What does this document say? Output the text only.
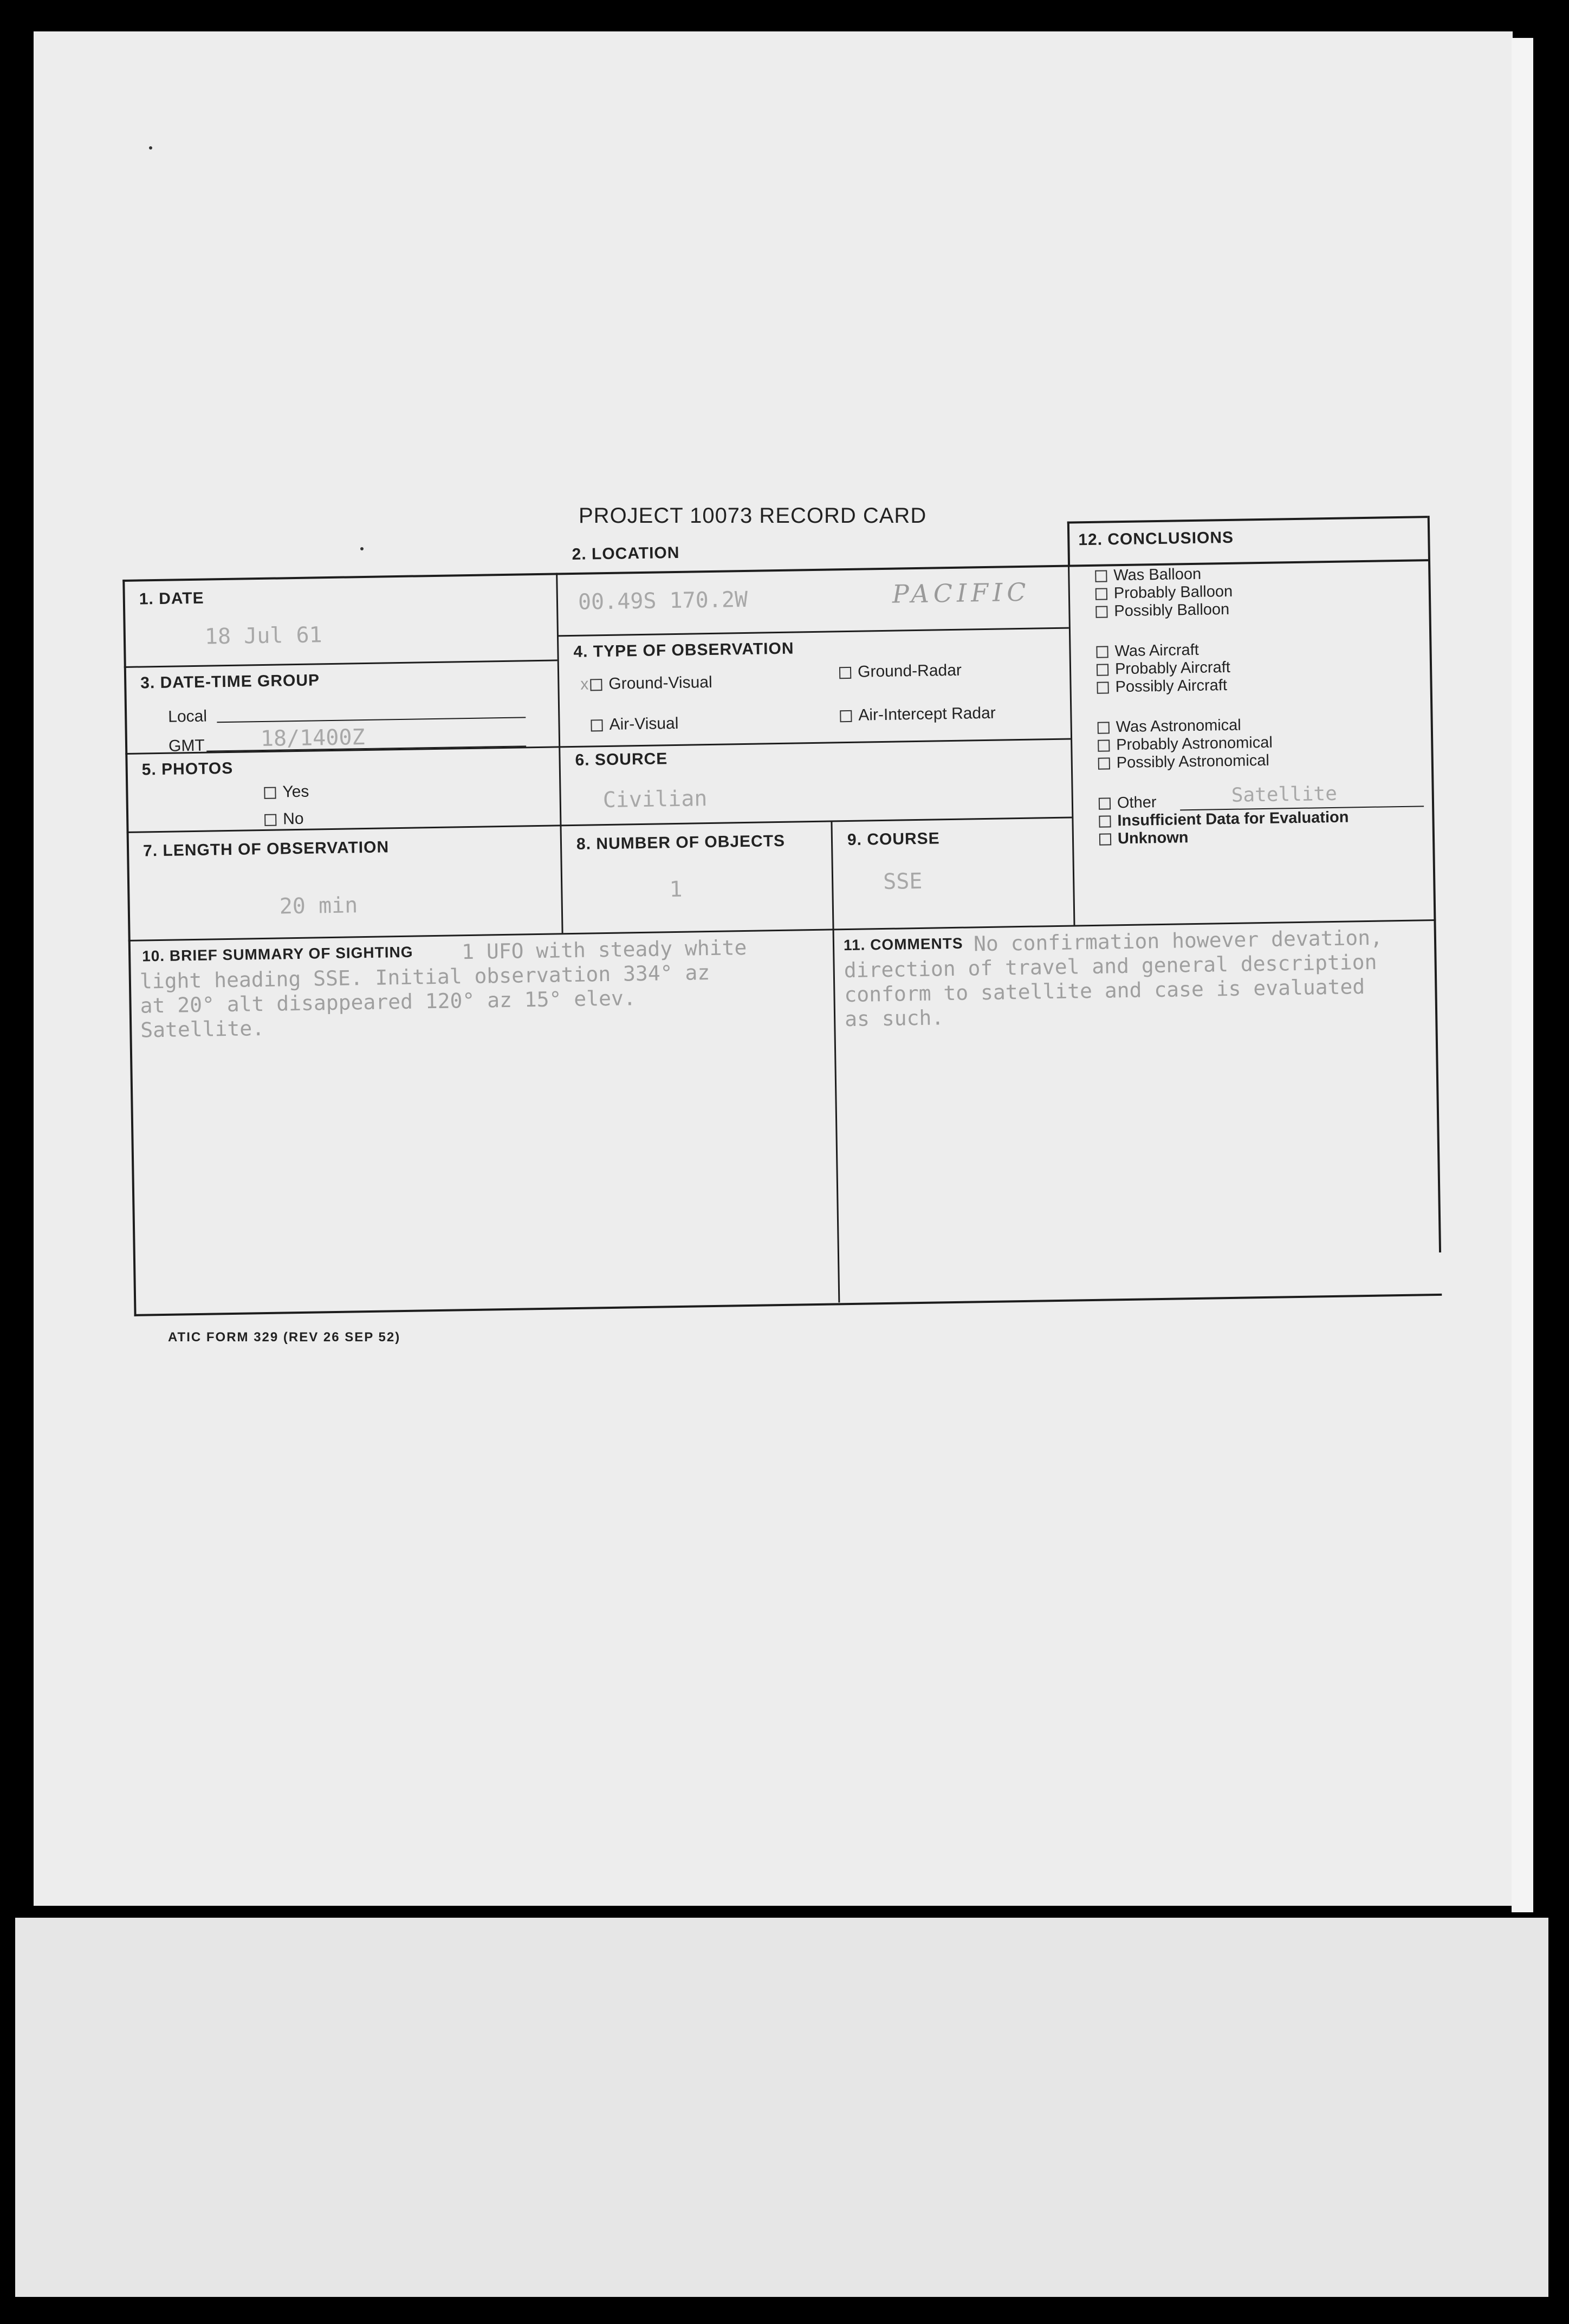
PROJECT 10073 RECORD CARD
1. DATE
18 Jul 61
2. LOCATION
00.49S 170.2W	PACIFIC
3. DATE-TIME GROUP
Local
GMT	18/1400Z
4. TYPE OF OBSERVATION
x Ground-Visual
Ground-Radar
Air-Visual	Air-Intercept Radar
5. PHOTOS
Yes
No
6. SOURCE
Civilian
7. LENGTH OF OBSERVATION
20 min
8. NUMBER OF OBJECTS
1
9. COURSE
SSE
10. BRIEF SUMMARY OF SIGHTING 1 UFO with steady white
light heading SSE. Initial observation 334° az
at 20° alt disappeared 120° az 15° elev.
Satellite.
11. COMMENTS No confirmation however devation,
direction of travel and general description
conform to satellite and case is evaluated
as such.
12. CONCLUSIONS
Was Balloon
Probably Balloon
Possibly Balloon
Was Aircraft
Probably Aircraft
Possibly Aircraft
Was Astronomical
Probably Astronomical
Possibly Astronomical
Other	Satellite
Insufficient Data for Evaluation
Unknown
ATIC FORM 329 (REV 26 SEP 52)
